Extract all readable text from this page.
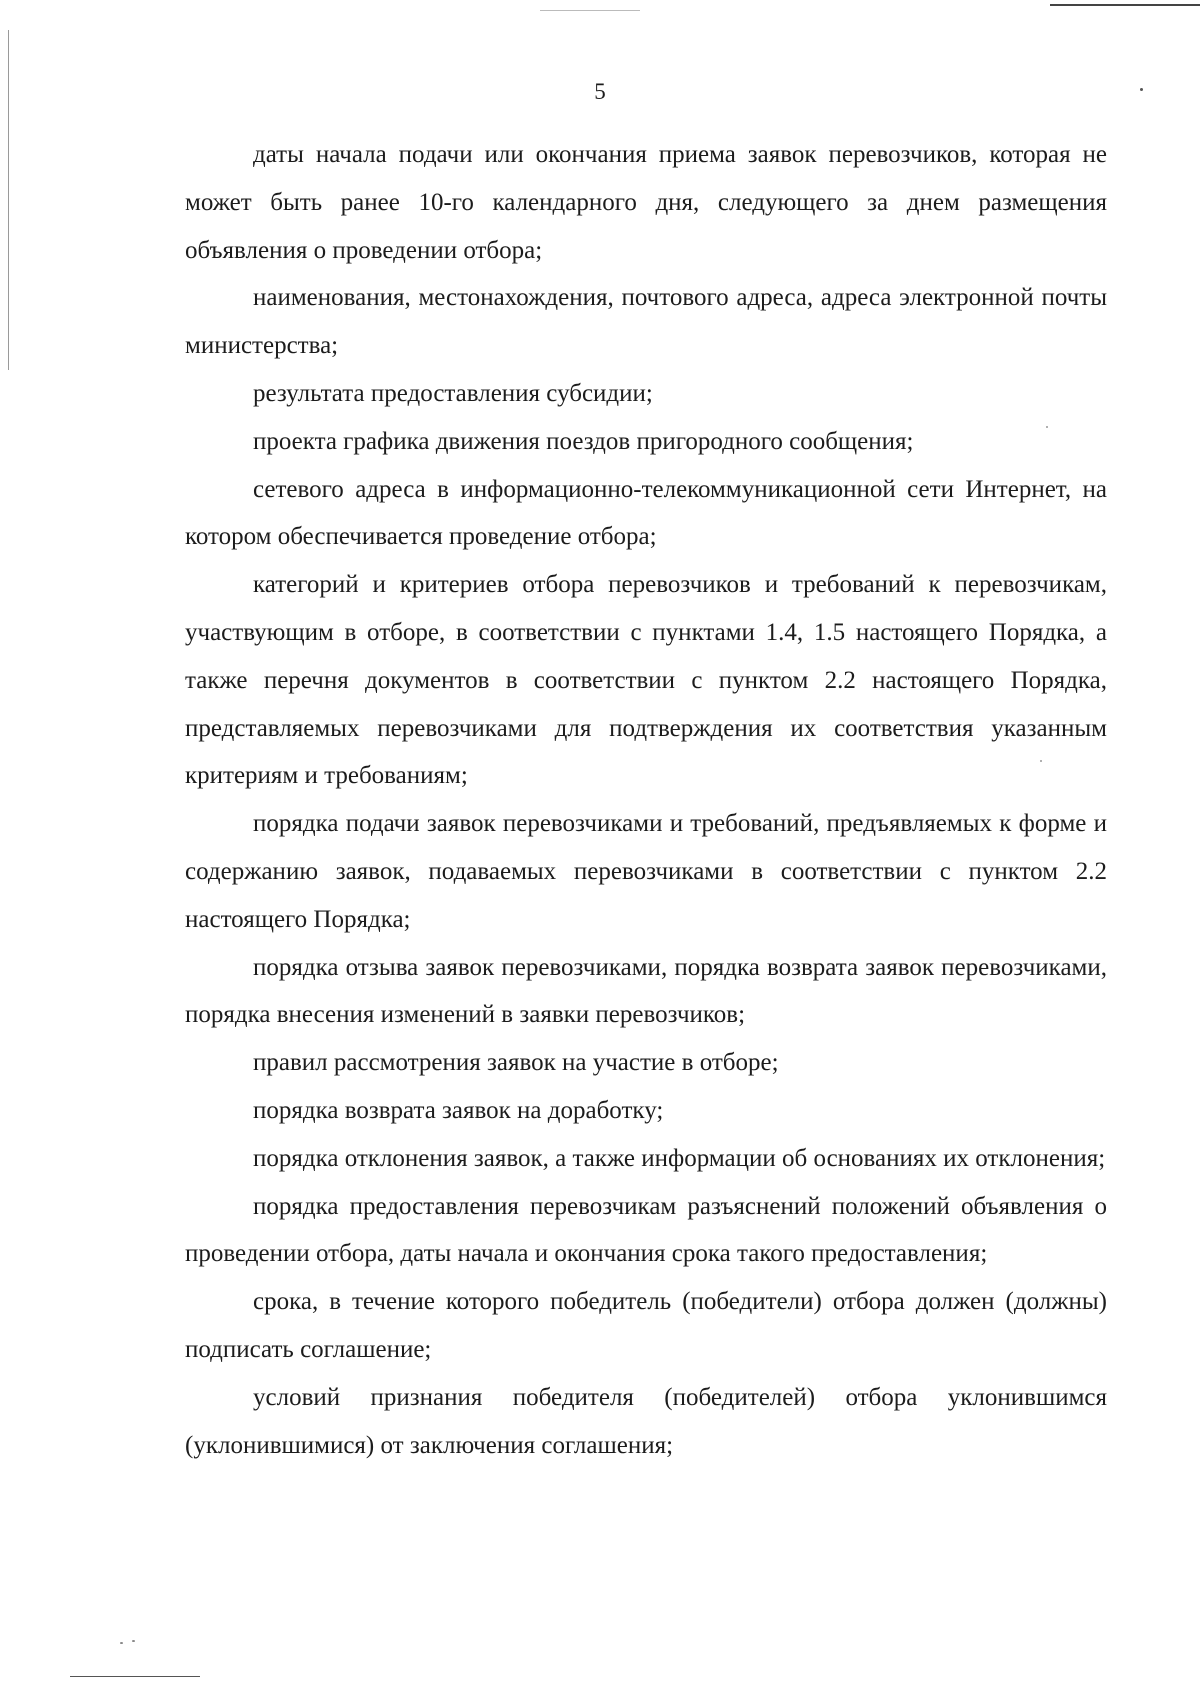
5

даты начала подачи или окончания приема заявок перевозчиков, которая не может быть ранее 10-го календарного дня, следующего за днем размещения объявления о проведении отбора;

наименования, местонахождения, почтового адреса, адреса электронной почты министерства;

результата предоставления субсидии;

проекта графика движения поездов пригородного сообщения;

сетевого адреса в информационно-телекоммуникационной сети Интернет, на котором обеспечивается проведение отбора;

категорий и критериев отбора перевозчиков и требований к перевозчикам, участвующим в отборе, в соответствии с пунктами 1.4, 1.5 настоящего Порядка, а также перечня документов в соответствии с пунктом 2.2 настоящего Порядка, представляемых перевозчиками для подтверждения их соответствия указанным критериям и требованиям;

порядка подачи заявок перевозчиками и требований, предъявляемых к форме и содержанию заявок, подаваемых перевозчиками в соответствии с пунктом 2.2 настоящего Порядка;

порядка отзыва заявок перевозчиками, порядка возврата заявок перевозчиками, порядка внесения изменений в заявки перевозчиков;

правил рассмотрения заявок на участие в отборе;

порядка возврата заявок на доработку;

порядка отклонения заявок, а также информации об основаниях их отклонения;

порядка предоставления перевозчикам разъяснений положений объявления о проведении отбора, даты начала и окончания срока такого предоставления;

срока, в течение которого победитель (победители) отбора должен (должны) подписать соглашение;

условий признания победителя (победителей) отбора уклонившимся (уклонившимися) от заключения соглашения;
